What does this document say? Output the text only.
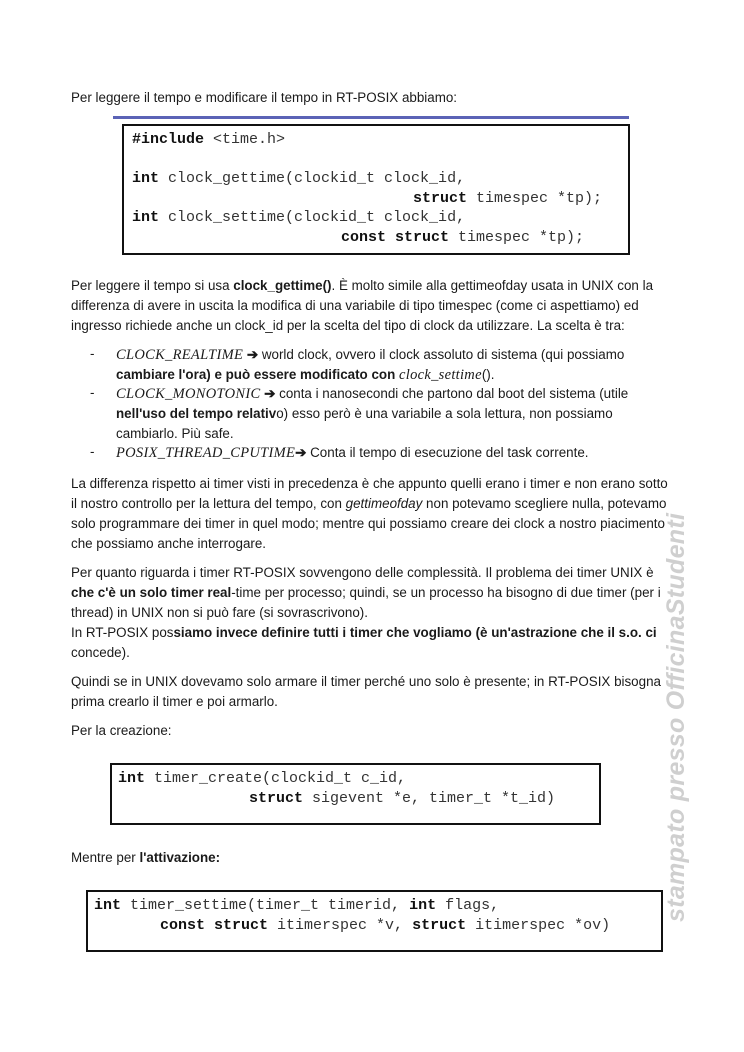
Per leggere il tempo e modificare il tempo in RT-POSIX abbiamo:

#include <time.h>
int clock_gettime(clockid_t clock_id,
struct timespec *tp);
int clock_settime(clockid_t clock_id,
const struct timespec *tp);

Per leggere il tempo si usa clock_gettime(). È molto simile alla gettimeofday usata in UNIX con la differenza di avere in uscita la modifica di una variabile di tipo timespec (come ci aspettiamo) ed ingresso richiede anche un clock_id per la scelta del tipo di clock da utilizzare. La scelta è tra:

- CLOCK_REALTIME ➔ world clock, ovvero il clock assoluto di sistema (qui possiamo cambiare l'ora) e può essere modificato con clock_settime().
- CLOCK_MONOTONIC ➔ conta i nanosecondi che partono dal boot del sistema (utile nell'uso del tempo relativo) esso però è una variabile a sola lettura, non possiamo cambiarlo. Più safe.
- POSIX_THREAD_CPUTIME➔ Conta il tempo di esecuzione del task corrente.

La differenza rispetto ai timer visti in precedenza è che appunto quelli erano i timer e non erano sotto il nostro controllo per la lettura del tempo, con gettimeofday non potevamo scegliere nulla, potevamo solo programmare dei timer in quel modo; mentre qui possiamo creare dei clock a nostro piacimento che possiamo anche interrogare.

Per quanto riguarda i timer RT-POSIX sovvengono delle complessità. Il problema dei timer UNIX è che c'è un solo timer real-time per processo; quindi, se un processo ha bisogno di due timer (per i thread) in UNIX non si può fare (si sovrascrivono).
In RT-POSIX possiamo invece definire tutti i timer che vogliamo (è un'astrazione che il s.o. ci concede).

Quindi se in UNIX dovevamo solo armare il timer perché uno solo è presente; in RT-POSIX bisogna prima crearlo il timer e poi armarlo.

Per la creazione:

int timer_create(clockid_t c_id,
struct sigevent *e, timer_t *t_id)

Mentre per l'attivazione:

int timer_settime(timer_t timerid, int flags,
const struct itimerspec *v, struct itimerspec *ov)
stampato presso OfficinaStudenti
